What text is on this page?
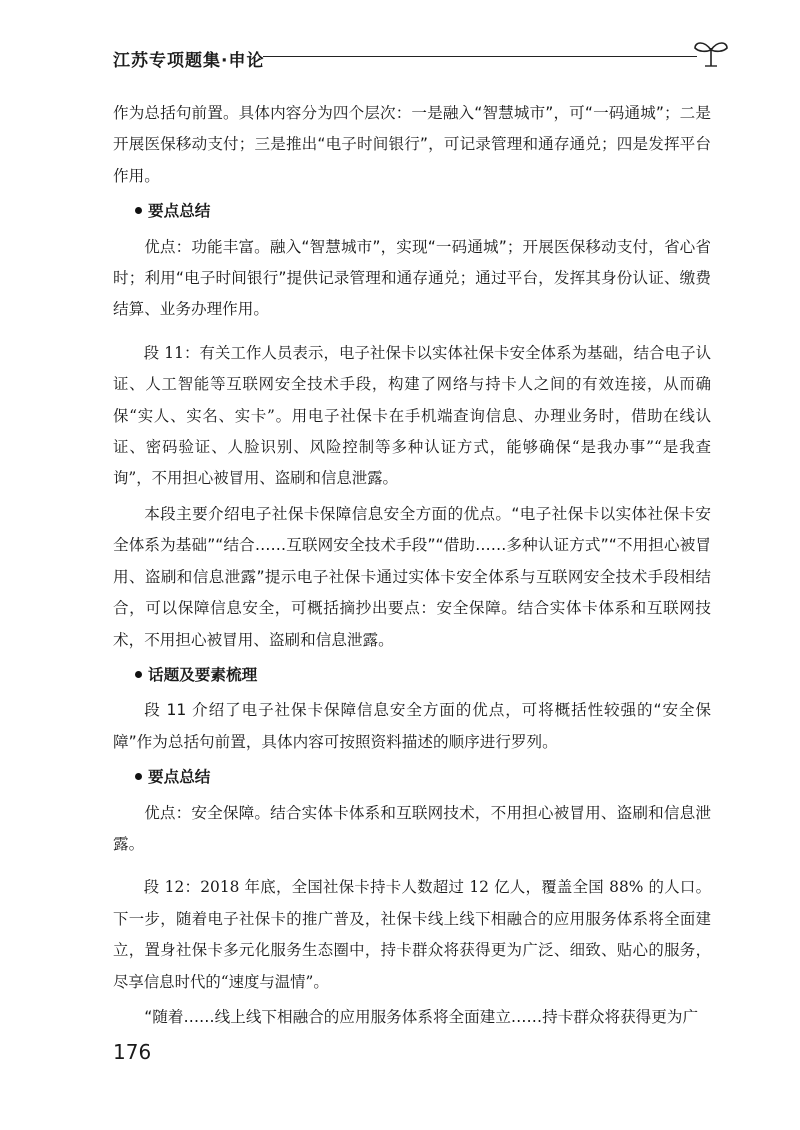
江苏专项题集·申论

作为总括句前置。具体内容分为四个层次：一是融入“智慧城市”，可“一码通城”；二是开展医保移动支付；三是推出“电子时间银行”，可记录管理和通存通兑；四是发挥平台作用。

要点总结

优点：功能丰富。融入“智慧城市”，实现“一码通城”；开展医保移动支付，省心省时；利用“电子时间银行”提供记录管理和通存通兑；通过平台，发挥其身份认证、缴费结算、业务办理作用。

段 11：有关工作人员表示，电子社保卡以实体社保卡安全体系为基础，结合电子认证、人工智能等互联网安全技术手段，构建了网络与持卡人之间的有效连接，从而确保“实人、实名、实卡”。用电子社保卡在手机端查询信息、办理业务时，借助在线认证、密码验证、人脸识别、风险控制等多种认证方式，能够确保“是我办事”“是我查询”，不用担心被冒用、盗刷和信息泄露。

本段主要介绍电子社保卡保障信息安全方面的优点。“电子社保卡以实体社保卡安全体系为基础”“结合……互联网安全技术手段”“借助……多种认证方式”“不用担心被冒用、盗刷和信息泄露”提示电子社保卡通过实体卡安全体系与互联网安全技术手段相结合，可以保障信息安全，可概括摘抄出要点：安全保障。结合实体卡体系和互联网技术，不用担心被冒用、盗刷和信息泄露。

话题及要素梳理

段 11 介绍了电子社保卡保障信息安全方面的优点，可将概括性较强的“安全保障”作为总括句前置，具体内容可按照资料描述的顺序进行罗列。

要点总结

优点：安全保障。结合实体卡体系和互联网技术，不用担心被冒用、盗刷和信息泄露。

段 12：2018 年底，全国社保卡持卡人数超过 12 亿人，覆盖全国 88% 的人口。下一步，随着电子社保卡的推广普及，社保卡线上线下相融合的应用服务体系将全面建立，置身社保卡多元化服务生态圈中，持卡群众将获得更为广泛、细致、贴心的服务，尽享信息时代的“速度与温情”。

“随着……线上线下相融合的应用服务体系将全面建立……持卡群众将获得更为广

176
